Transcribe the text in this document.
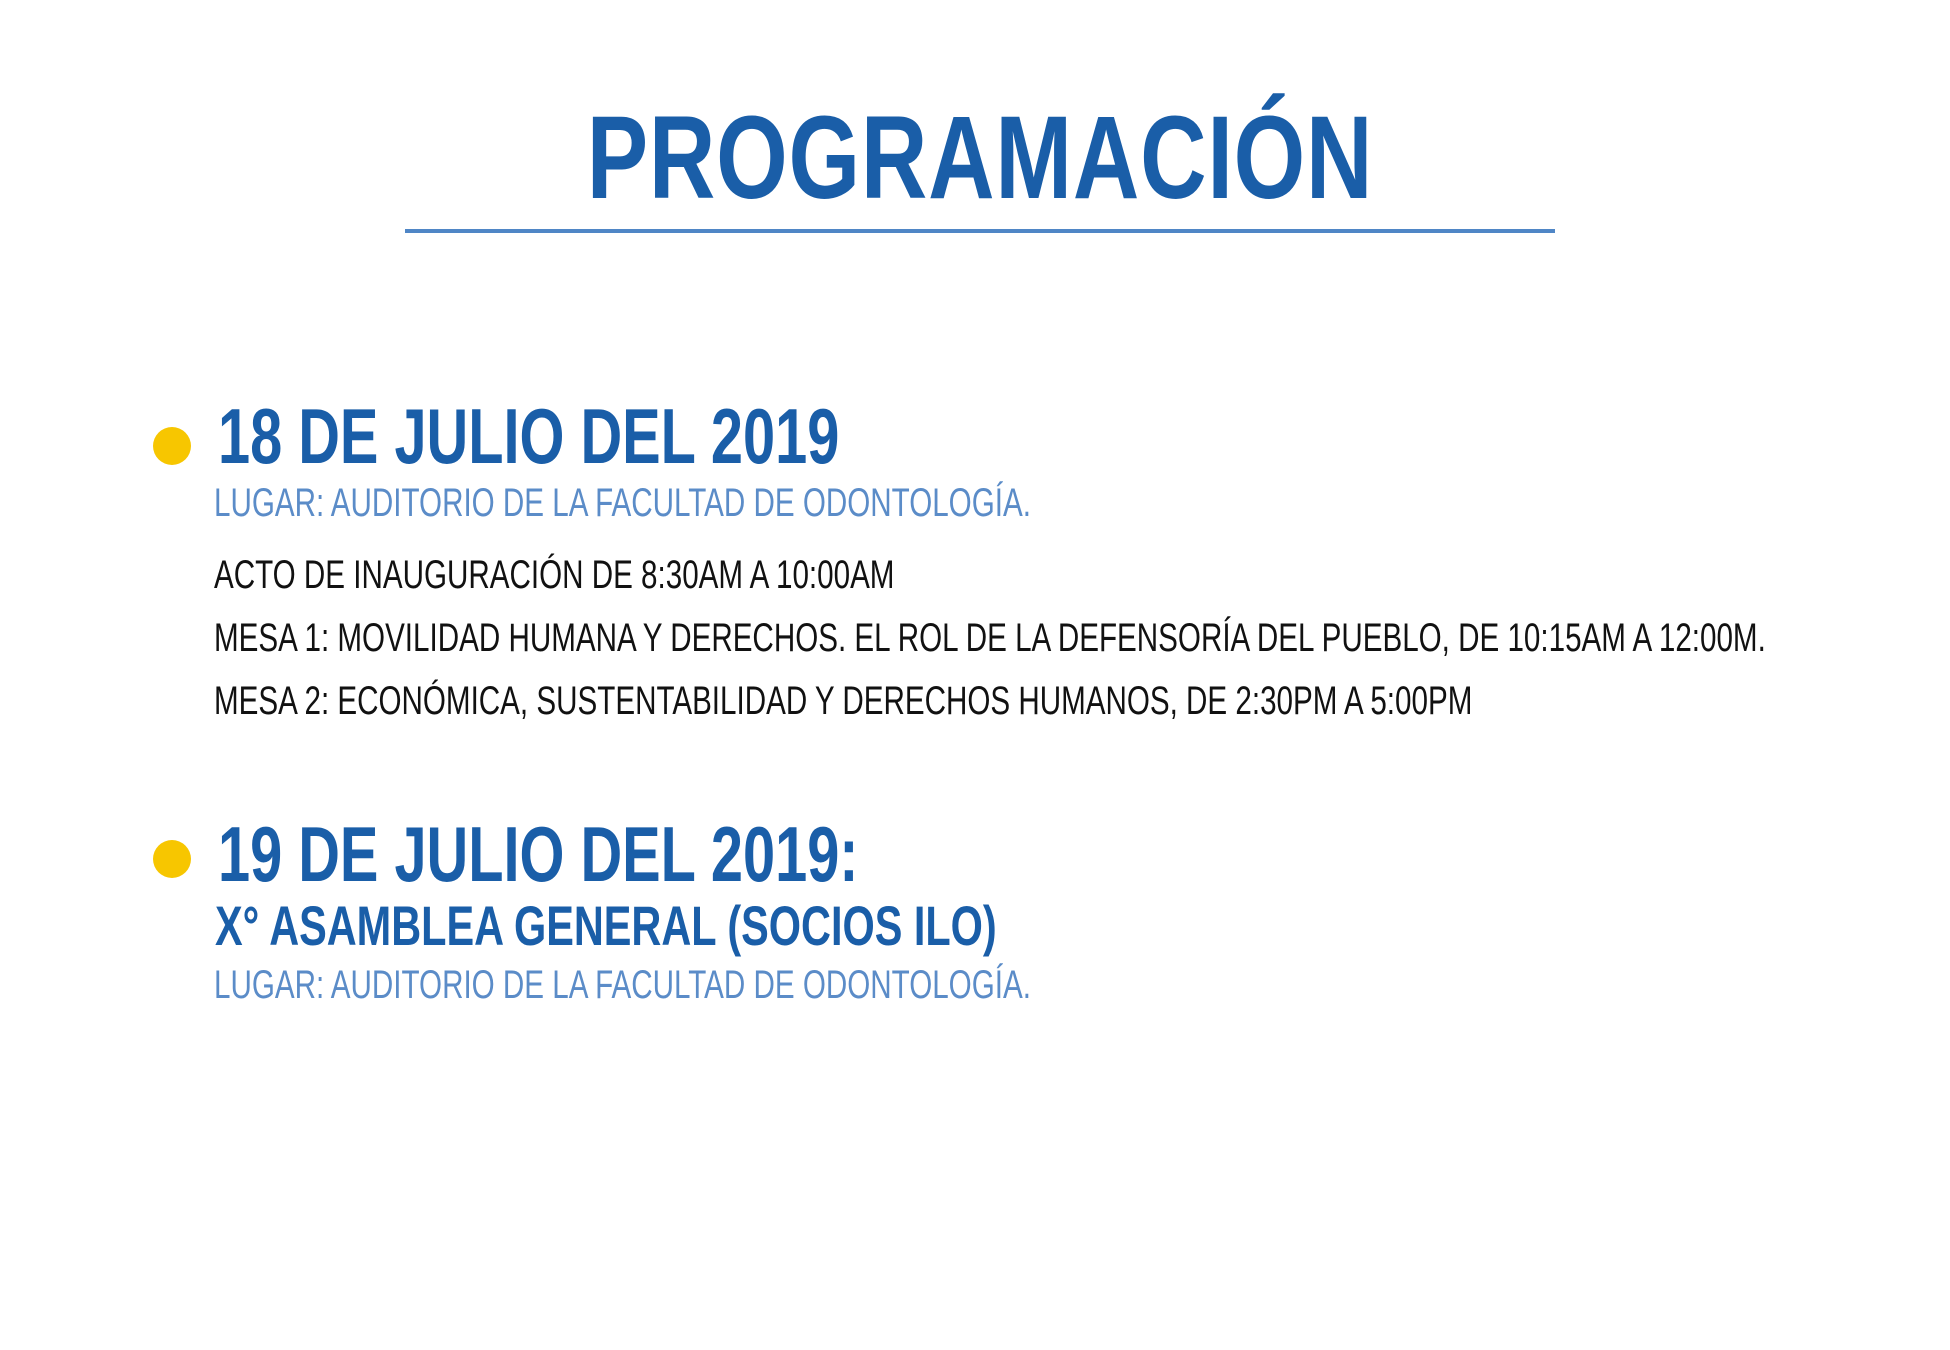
PROGRAMACIÓN
18 DE JULIO DEL 2019
LUGAR: AUDITORIO DE LA FACULTAD DE ODONTOLOGÍA.
ACTO DE INAUGURACIÓN DE 8:30AM A 10:00AM
MESA 1: MOVILIDAD HUMANA Y DERECHOS. EL ROL DE LA DEFENSORÍA DEL PUEBLO, DE 10:15AM A 12:00M.
MESA 2: ECONÓMICA, SUSTENTABILIDAD Y DERECHOS HUMANOS, DE 2:30PM A 5:00PM
19 DE JULIO DEL 2019:
X° ASAMBLEA GENERAL (SOCIOS ILO)
LUGAR: AUDITORIO DE LA FACULTAD DE ODONTOLOGÍA.
